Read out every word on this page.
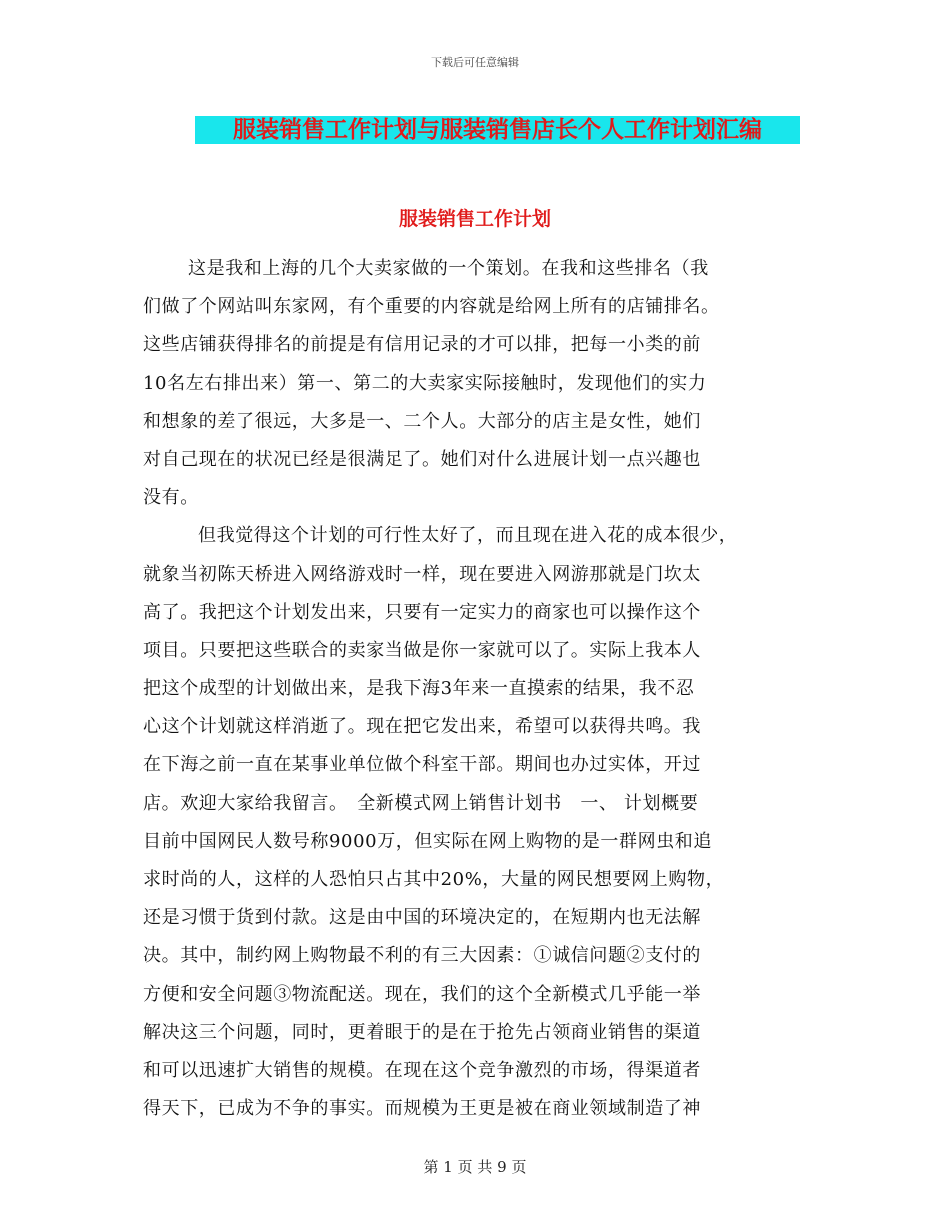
下载后可任意编辑
服装销售工作计划与服装销售店长个人工作计划汇编
服装销售工作计划
这是我和上海的几个大卖家做的一个策划。在我和这些排名（我
们做了个网站叫东家网，有个重要的内容就是给网上所有的店铺排名。
这些店铺获得排名的前提是有信用记录的才可以排，把每一小类的前
10名左右排出来）第一、第二的大卖家实际接触时，发现他们的实力
和想象的差了很远，大多是一、二个人。大部分的店主是女性，她们
对自己现在的状况已经是很满足了。她们对什么进展计划一点兴趣也
没有。
但我觉得这个计划的可行性太好了，而且现在进入花的成本很少，
就象当初陈天桥进入网络游戏时一样，现在要进入网游那就是门坎太
高了。我把这个计划发出来，只要有一定实力的商家也可以操作这个
项目。只要把这些联合的卖家当做是你一家就可以了。实际上我本人
把这个成型的计划做出来，是我下海3年来一直摸索的结果，我不忍
心这个计划就这样消逝了。现在把它发出来，希望可以获得共鸣。我
在下海之前一直在某事业单位做个科室干部。期间也办过实体，开过
店。欢迎大家给我留言。　全新模式网上销售计划书　一、 计划概要
目前中国网民人数号称9000万，但实际在网上购物的是一群网虫和追
求时尚的人，这样的人恐怕只占其中20%，大量的网民想要网上购物，
还是习惯于货到付款。这是由中国的环境决定的，在短期内也无法解
决。其中，制约网上购物最不利的有三大因素：①诚信问题②支付的
方便和安全问题③物流配送。现在，我们的这个全新模式几乎能一举
解决这三个问题，同时，更着眼于的是在于抢先占领商业销售的渠道
和可以迅速扩大销售的规模。在现在这个竞争激烈的市场，得渠道者
得天下，已成为不争的事实。而规模为王更是被在商业领域制造了神
第 1 页 共 9 页
